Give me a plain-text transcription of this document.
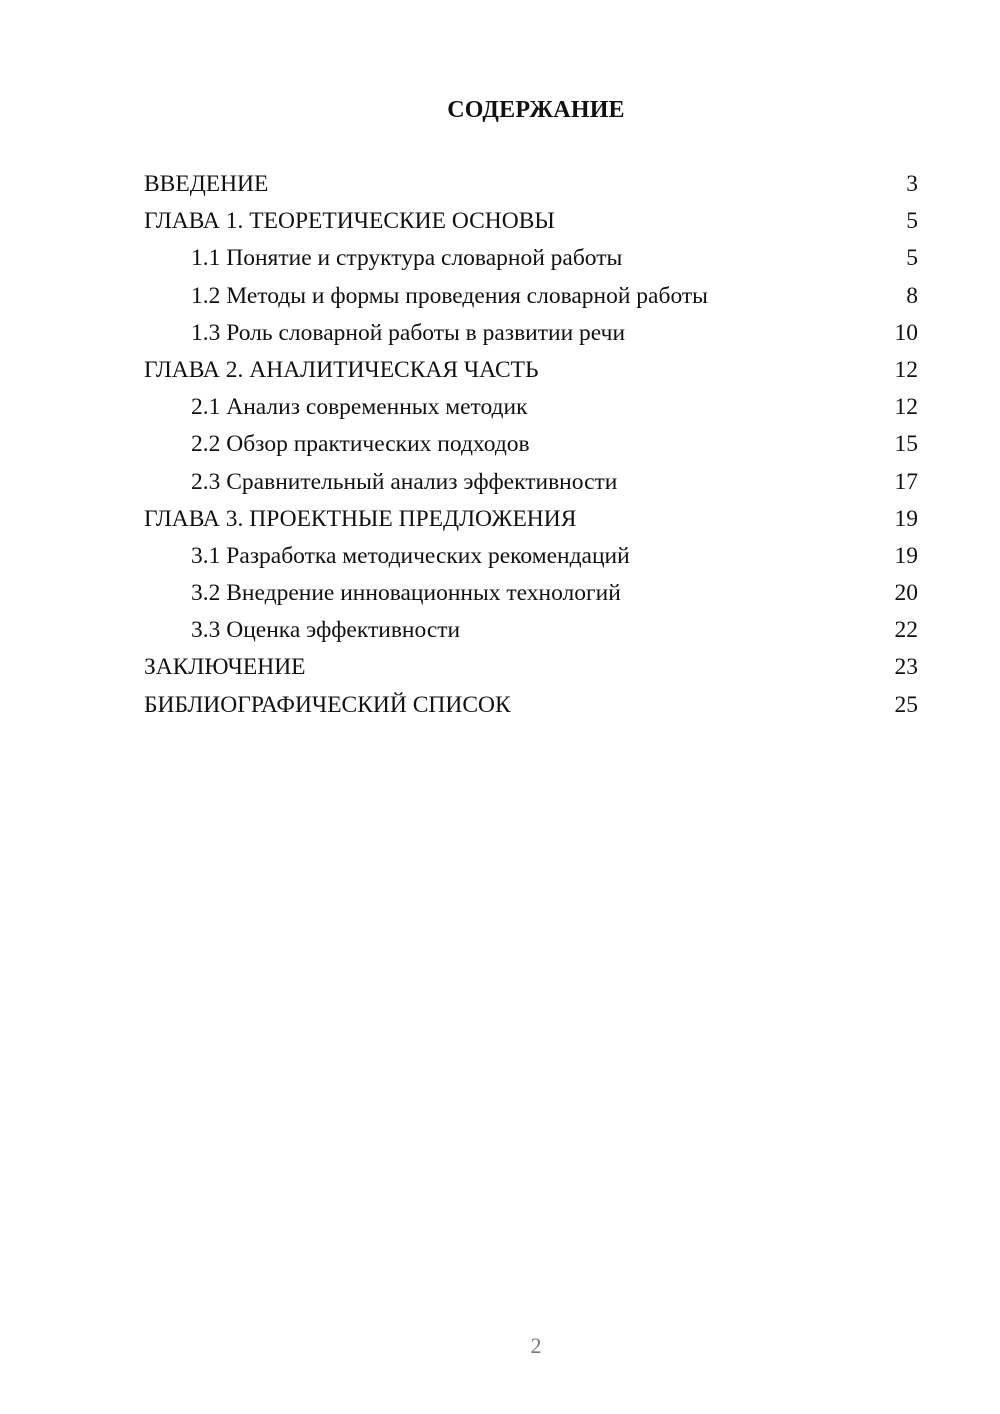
СОДЕРЖАНИЕ
ВВЕДЕНИЕ	3
ГЛАВА 1. ТЕОРЕТИЧЕСКИЕ ОСНОВЫ	5
1.1 Понятие и структура словарной работы	5
1.2 Методы и формы проведения словарной работы	8
1.3 Роль словарной работы в развитии речи	10
ГЛАВА 2. АНАЛИТИЧЕСКАЯ ЧАСТЬ	12
2.1 Анализ современных методик	12
2.2 Обзор практических подходов	15
2.3 Сравнительный анализ эффективности	17
ГЛАВА 3. ПРОЕКТНЫЕ ПРЕДЛОЖЕНИЯ	19
3.1 Разработка методических рекомендаций	19
3.2 Внедрение инновационных технологий	20
3.3 Оценка эффективности	22
ЗАКЛЮЧЕНИЕ	23
БИБЛИОГРАФИЧЕСКИЙ СПИСОК	25
2
